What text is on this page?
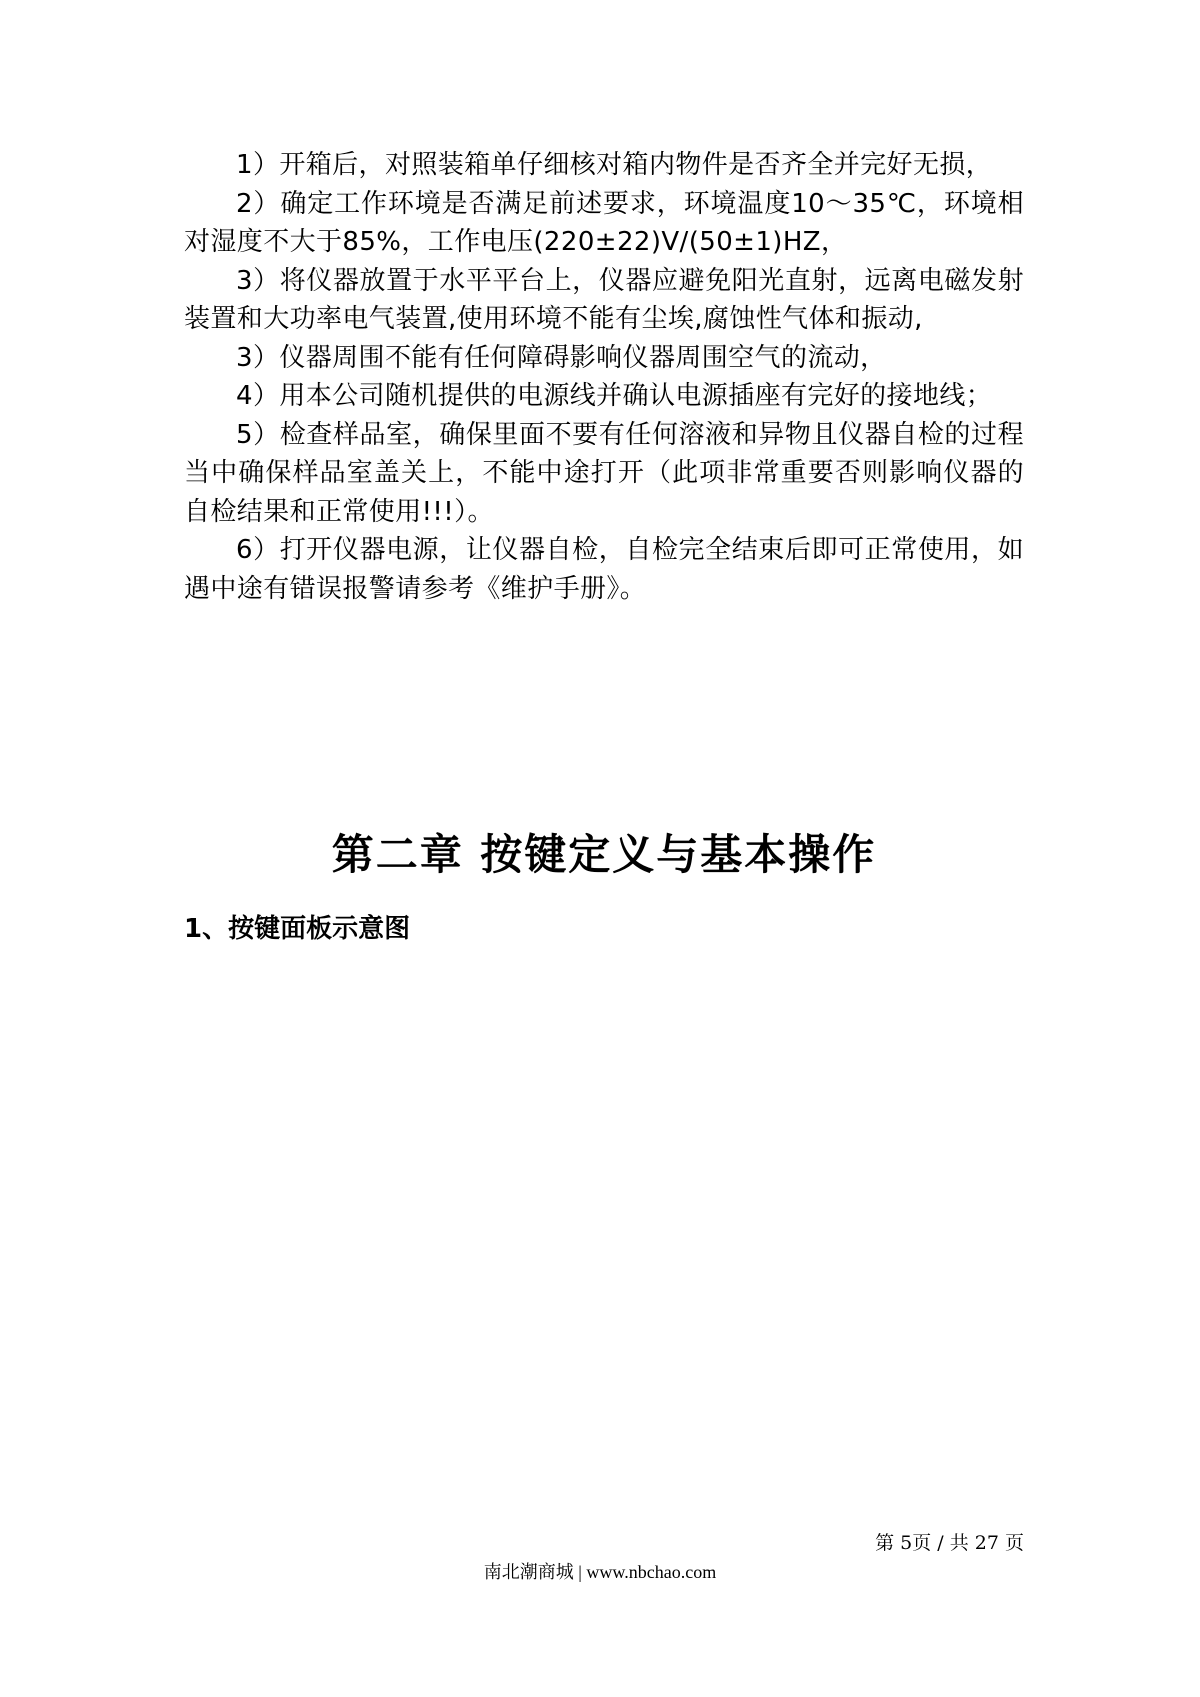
1）开箱后，对照装箱单仔细核对箱内物件是否齐全并完好无损，

2）确定工作环境是否满足前述要求，环境温度10～35℃，环境相对湿度不大于85%，工作电压(220±22)V/(50±1)HZ，

3）将仪器放置于水平平台上，仪器应避免阳光直射，远离电磁发射装置和大功率电气装置,使用环境不能有尘埃,腐蚀性气体和振动,

3）仪器周围不能有任何障碍影响仪器周围空气的流动，

4）用本公司随机提供的电源线并确认电源插座有完好的接地线；

5）检查样品室，确保里面不要有任何溶液和异物且仪器自检的过程当中确保样品室盖关上，不能中途打开（此项非常重要否则影响仪器的自检结果和正常使用!!!）。

6）打开仪器电源，让仪器自检，自检完全结束后即可正常使用，如遇中途有错误报警请参考《维护手册》。

第二章 按键定义与基本操作
1、按键面板示意图
第 5页 / 共 27 页
南北潮商城 | www.nbchao.com
